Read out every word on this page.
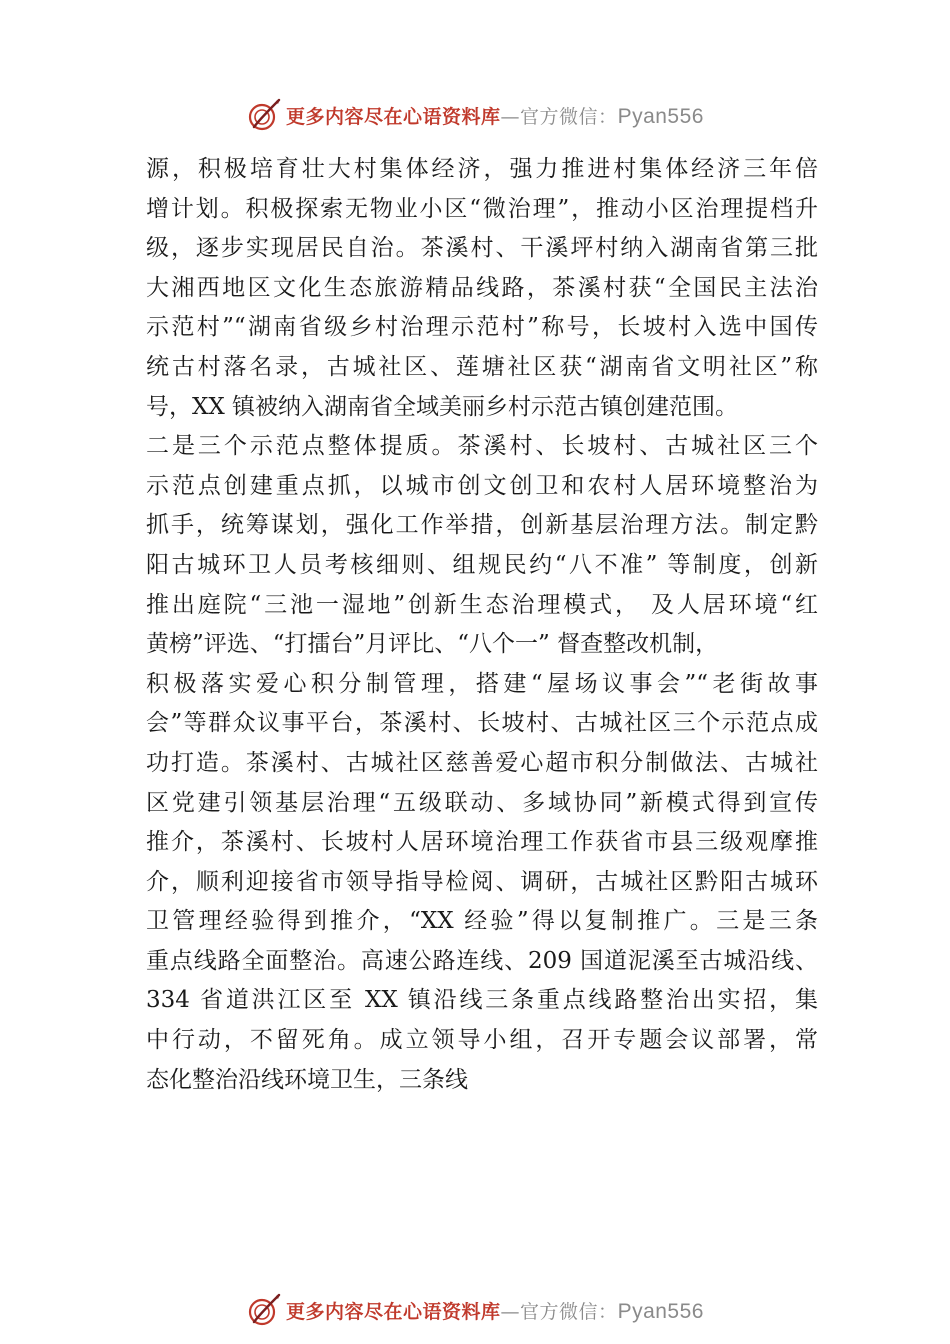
更多内容尽在心语资料库—官方微信：Pyan556
源，积极培育壮大村集体经济，强力推进村集体经济三年倍
增计划。积极探索无物业小区“微治理”，推动小区治理提档升
级，逐步实现居民自治。茶溪村、干溪坪村纳入湖南省第三批
大湘西地区文化生态旅游精品线路，茶溪村获“全国民主法治
示范村”“湖南省级乡村治理示范村”称号，长坡村入选中国传
统古村落名录，古城社区、莲塘社区获“湖南省文明社区”称
号，XX 镇被纳入湖南省全域美丽乡村示范古镇创建范围。
二是三个示范点整体提质。茶溪村、长坡村、古城社区三个
示范点创建重点抓，以城市创文创卫和农村人居环境整治为
抓手，统筹谋划，强化工作举措，创新基层治理方法。制定黔
阳古城环卫人员考核细则、组规民约“八不准” 等制度，创新
推出庭院“三池一湿地”创新生态治理模式， 及人居环境“红
黄榜”评选、“打擂台”月评比、“八个一” 督查整改机制，
积极落实爱心积分制管理，搭建“屋场议事会”“老街故事
会”等群众议事平台，茶溪村、长坡村、古城社区三个示范点成
功打造。茶溪村、古城社区慈善爱心超市积分制做法、古城社
区党建引领基层治理“五级联动、多域协同”新模式得到宣传
推介，茶溪村、长坡村人居环境治理工作获省市县三级观摩推
介，顺利迎接省市领导指导检阅、调研，古城社区黔阳古城环
卫管理经验得到推介，“XX 经验”得以复制推广。三是三条
重点线路全面整治。高速公路连线、209 国道泥溪至古城沿线、
334 省道洪江区至 XX 镇沿线三条重点线路整治出实招，集
中行动，不留死角。成立领导小组，召开专题会议部署，常
态化整治沿线环境卫生，三条线
更多内容尽在心语资料库—官方微信：Pyan556
